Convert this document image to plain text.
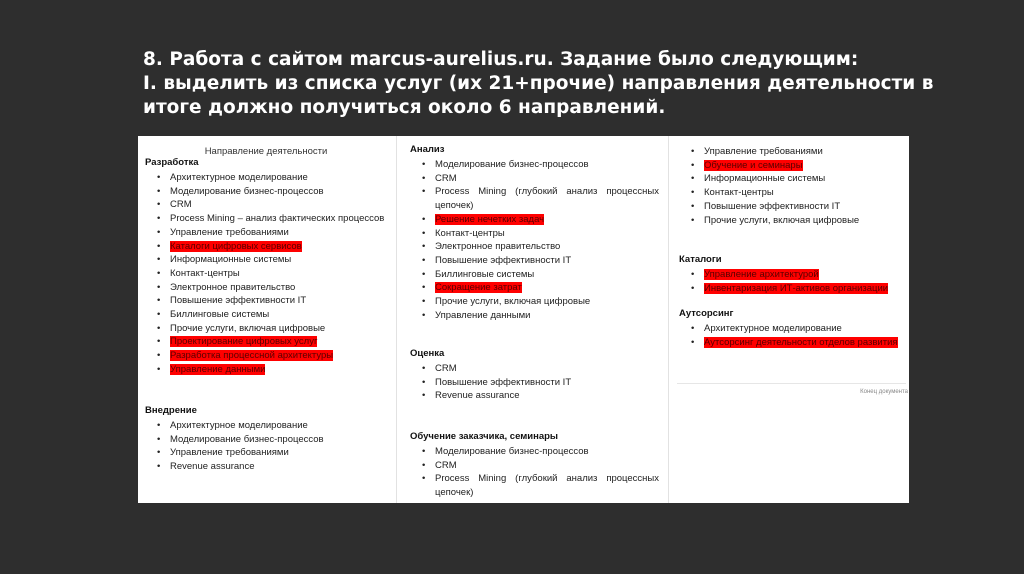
8. Работа с сайтом marcus-aurelius.ru. Задание было следующим:
I. выделить из списка услуг (их 21+прочие) направления деятельности в
итоге должно получиться около 6 направлений.
Направление деятельности
Разработка
• Архитектурное моделирование
• Моделирование бизнес-процессов
• CRM
• Process Mining – анализ фактических процессов
• Управление требованиями
• Каталоги цифровых сервисов
• Информационные системы
• Контакт-центры
• Электронное правительство
• Повышение эффективности IT
• Биллинговые системы
• Прочие услуги, включая цифровые
• Проектирование цифровых услуг
• Разработка процессной архитектуры
• Управление данными
Внедрение
• Архитектурное моделирование
• Моделирование бизнес-процессов
• Управление требованиями
• Revenue assurance
Анализ
• Моделирование бизнес-процессов
• CRM
• Process Mining (глубокий анализ процессных цепочек)
• Решение нечетких задач
• Контакт-центры
• Электронное правительство
• Повышение эффективности IT
• Биллинговые системы
• Сокращение затрат
• Прочие услуги, включая цифровые
• Управление данными
Оценка
• CRM
• Повышение эффективности IT
• Revenue assurance
Обучение заказчика, семинары
• Моделирование бизнес-процессов
• CRM
• Process Mining (глубокий анализ процессных цепочек)
• Управление требованиями
• Обучение и семинары
• Информационные системы
• Контакт-центры
• Повышение эффективности IT
• Прочие услуги, включая цифровые
Каталоги
• Управление архитектурой
• Инвентаризация ИТ-активов организации
Аутсорсинг
• Архитектурное моделирование
• Аутсорсинг деятельности отделов развития
Конец документа
